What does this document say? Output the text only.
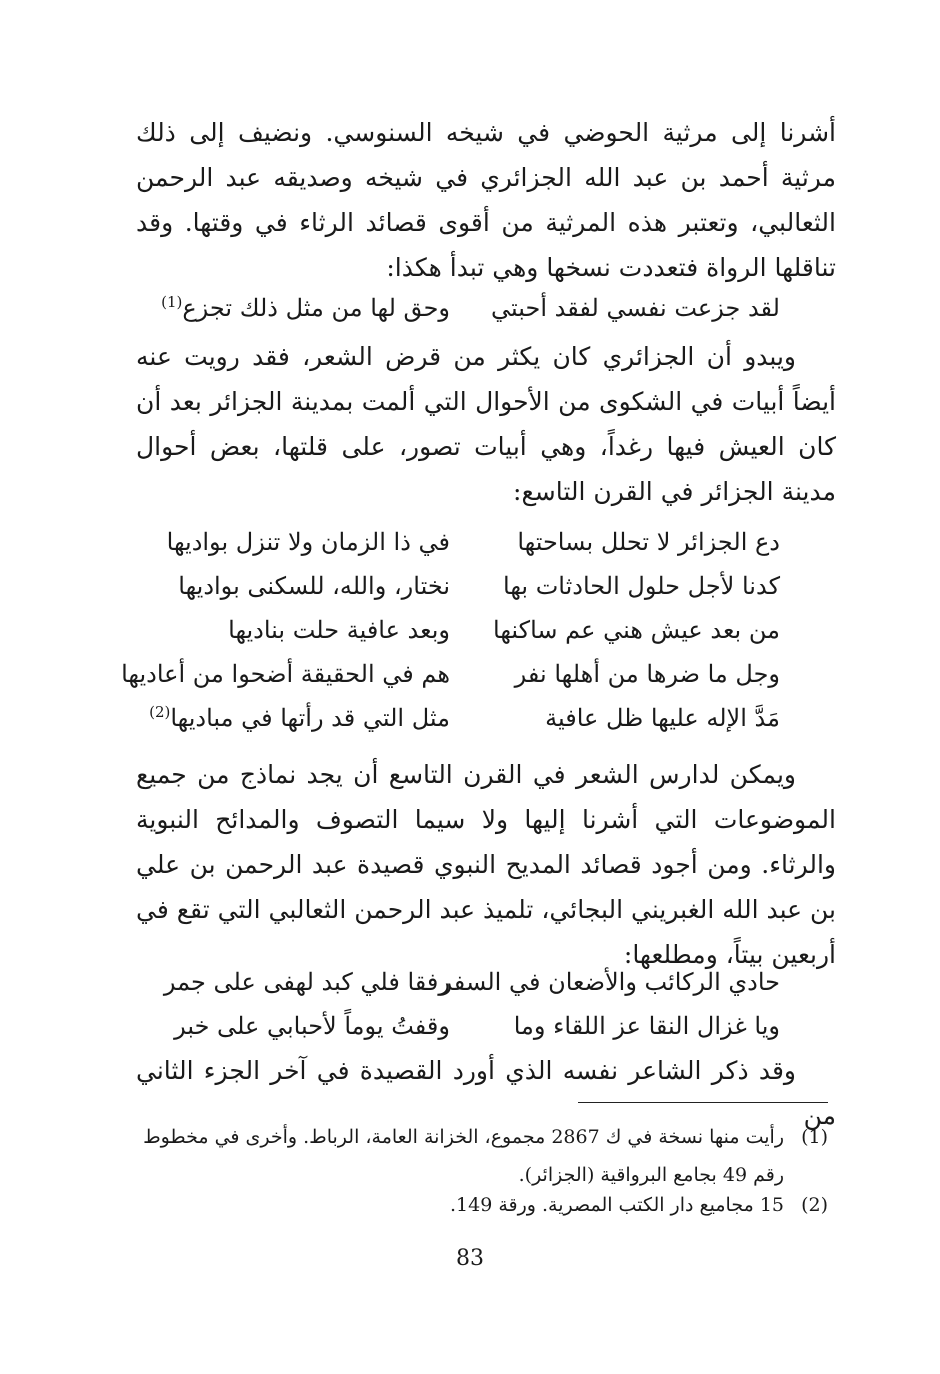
أشرنا إلى مرثية الحوضي في شيخه السنوسي. ونضيف إلى ذلك مرثية أحمد بن عبد الله الجزائري في شيخه وصديقه عبد الرحمن الثعالبي، وتعتبر هذه المرثية من أقوى قصائد الرثاء في وقتها. وقد تناقلها الرواة فتعددت نسخها وهي تبدأ هكذا:

لقد جزعت نفسي لفقد أحبتي
وحق لها من مثل ذلك تجزع$^{(1)}$

ويبدو أن الجزائري كان يكثر من قرض الشعر، فقد رويت عنه أيضاً أبيات في الشكوى من الأحوال التي ألمت بمدينة الجزائر بعد أن كان العيش فيها رغداً، وهي أبيات تصور، على قلتها، بعض أحوال مدينة الجزائر في القرن التاسع:

دع الجزائر لا تحلل بساحتها
في ذا الزمان ولا تنزل بواديها
كدنا لأجل حلول الحادثات بها
نختار، والله، للسكنى بواديها
من بعد عيش هني عم ساكنها
وبعد عافية حلت بناديها
وجل ما ضرها من أهلها نفر
هم في الحقيقة أضحوا من أعاديها
مَدَّ الإله عليها ظل عافية
مثل التي قد رأتها في مباديها$^{(2)}$

ويمكن لدارس الشعر في القرن التاسع أن يجد نماذج من جميع الموضوعات التي أشرنا إليها ولا سيما التصوف والمدائح النبوية والرثاء. ومن أجود قصائد المديح النبوي قصيدة عبد الرحمن بن علي بن عبد الله الغبريني البجائي، تلميذ عبد الرحمن الثعالبي التي تقع في أربعين بيتاً، ومطلعها:

حادي الركائب والأضعان في السفر
رفقا فلي كبد لهفى على جمر
ويا غزال النقا عز اللقاء وما
وقفتُ يوماً لأحبابي على خبر

وقد ذكر الشاعر نفسه الذي أورد القصيدة في آخر الجزء الثاني من

(1)رأيت منها نسخة في ك 2867 مجموع، الخزانة العامة، الرباط. وأخرى في مخطوط
رقم 49 بجامع البرواقية (الجزائر).
(2)15 مجاميع دار الكتب المصرية. ورقة 149.
83
